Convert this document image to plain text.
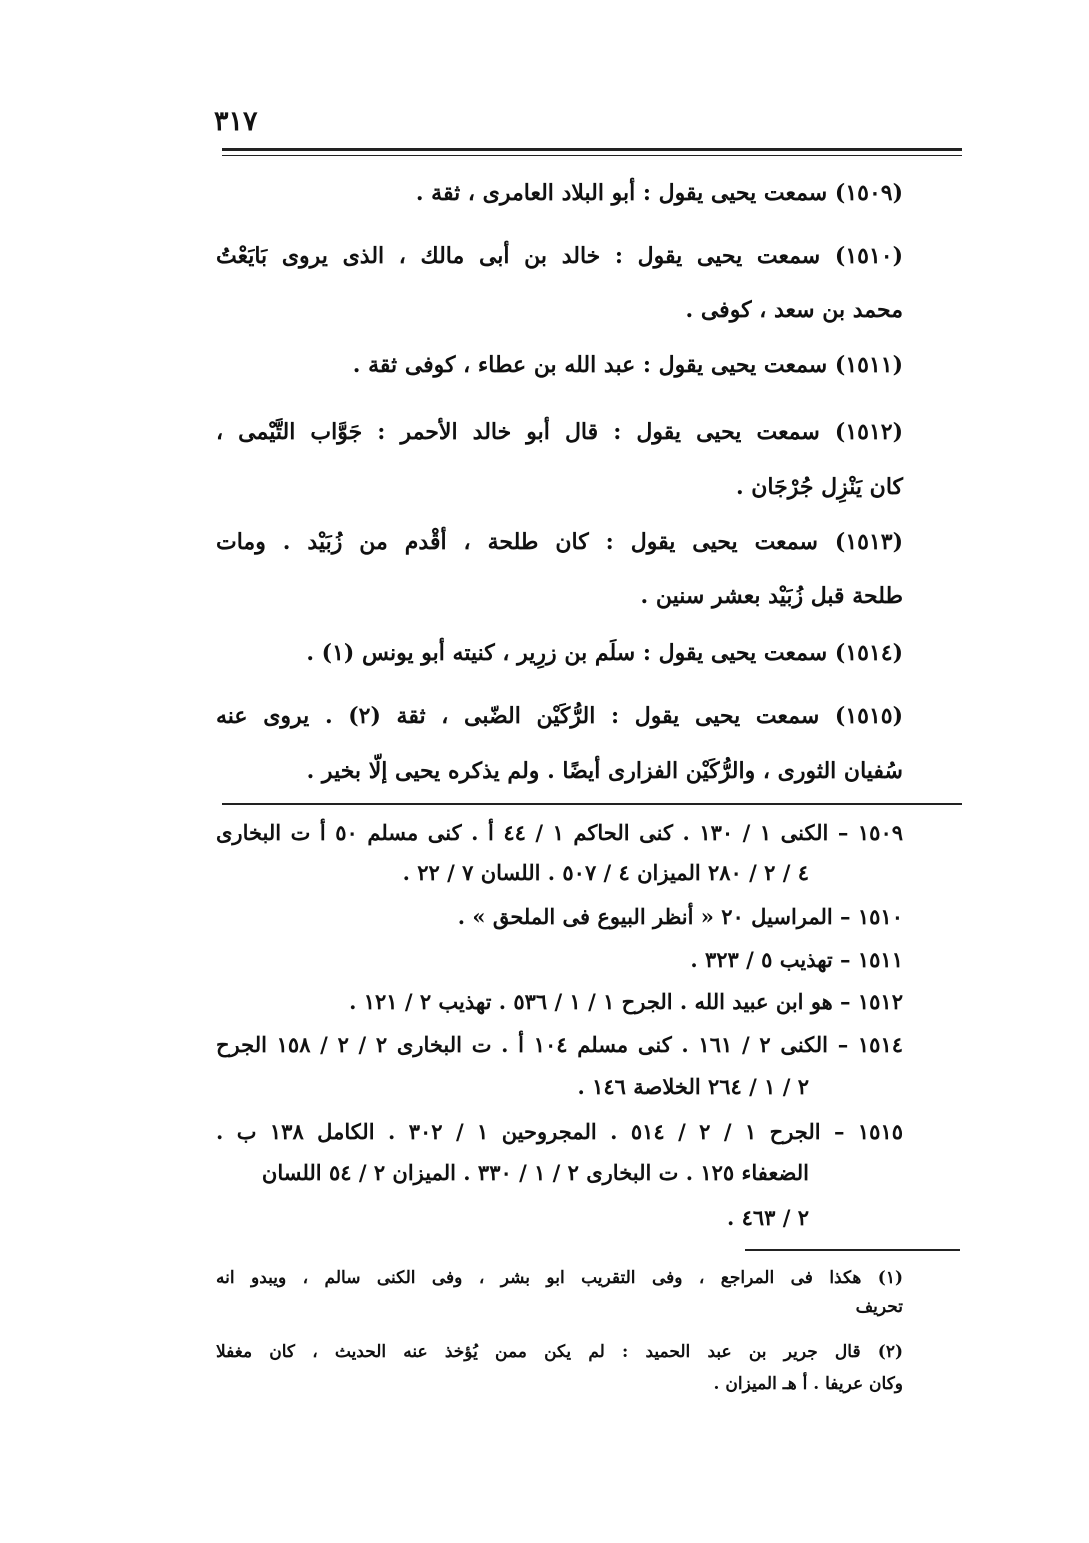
٣١٧
(١٥٠٩) سمعت يحيى يقول : أبو البلاد العامرى ، ثقة .
(١٥١٠) سمعت يحيى يقول : خالد بن أبى مالك ، الذى يروى بَايَعْتُ
محمد بن سعد ، كوفى .
(١٥١١) سمعت يحيى يقول : عبد الله بن عطاء ، كوفى ثقة .
(١٥١٢) سمعت يحيى يقول : قال أبو خالد الأحمر : جَوَّاب التَّيْمى ،
كان يَنْزِل جُرْجَان .
(١٥١٣) سمعت يحيى يقول : كان طلحة ، أقْدم من زُبَيْد . ومات
طلحة قبل زُبَيْد بعشر سنين .
(١٥١٤) سمعت يحيى يقول : سلَم بن زرِير ، كنيته أبو يونس (١) .
(١٥١٥) سمعت يحيى يقول : الرُّكَيْن الضّبى ، ثقة (٢) . يروى عنه
سُفيان الثورى ، والرُّكَيْن الفزارى أيضًا . ولم يذكره يحيى إلّا بخير .
١٥٠٩ – الكنى ١ / ١٣٠ . كنى الحاكم ١ / ٤٤ أ . كنى مسلم ٥٠ أ ت البخارى
٤ / ٢ / ٢٨٠ الميزان ٤ / ٥٠٧ . اللسان ٧ / ٢٢ .
١٥١٠ – المراسيل ٢٠ « أنظر البيوع فى الملحق » .
١٥١١ – تهذيب ٥ / ٣٢٣ .
١٥١٢ – هو ابن عبيد الله . الجرح ١ / ١ / ٥٣٦ . تهذيب ٢ / ١٢١ .
١٥١٤ – الكنى ٢ / ١٦١ . كنى مسلم ١٠٤ أ . ت البخارى ٢ / ٢ / ١٥٨ الجرح
٢ / ١ / ٢٦٤ الخلاصة ١٤٦ .
١٥١٥ – الجرح ١ / ٢ / ٥١٤ . المجروحين ١ / ٣٠٢ . الكامل ١٣٨ ب .
الضعفاء ١٢٥ . ت البخارى ٢ / ١ / ٣٣٠ . الميزان ٢ / ٥٤ اللسان
٢ / ٤٦٣ .
(١) هكذا فى المراجع ، وفى التقريب ابو بشر ، وفى الكنى سالم ، ويبدو انه
تحريف
(٢) قال جرير بن عبد الحميد : لم يكن ممن يُؤخذ عنه الحديث ، كان مغفلا
وكان عريفا . أ هـ الميزان .
